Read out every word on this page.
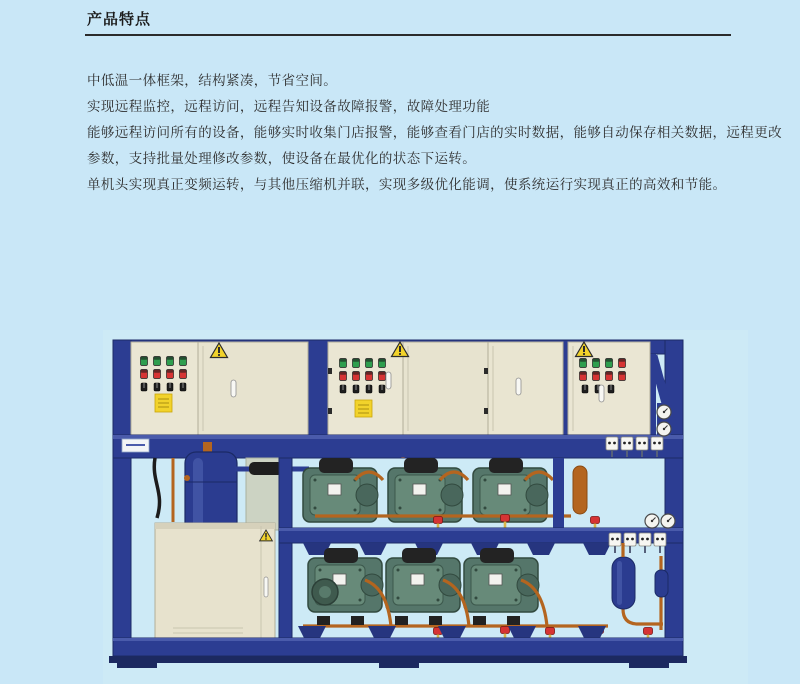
产品特点
中低温一体框架，结构紧凑，节省空间。
实现远程监控，远程访问，远程告知设备故障报警，故障处理功能
能够远程访问所有的设备，能够实时收集门店报警，能够查看门店的实时数据，能够自动保存相关数据，远程更改
参数，支持批量处理修改参数，使设备在最优化的状态下运转。
单机头实现真正变频运转，与其他压缩机并联，实现多级优化能调，使系统运行实现真正的高效和节能。
